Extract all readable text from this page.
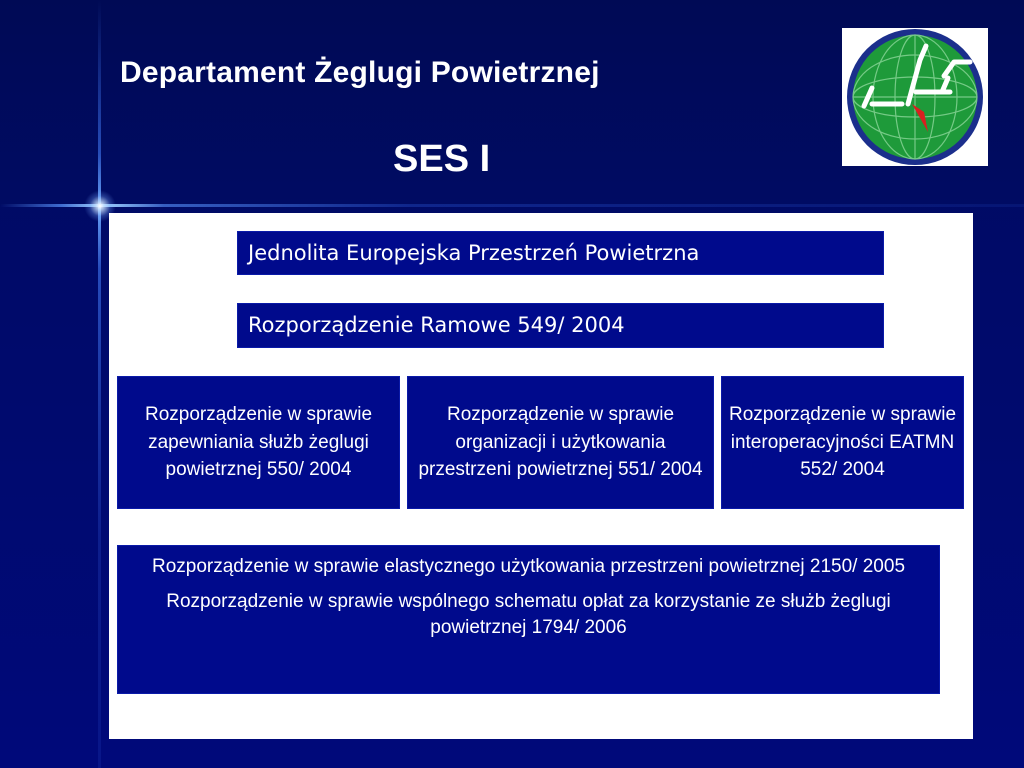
Departament Żeglugi Powietrznej
SES I
Jednolita Europejska Przestrzeń Powietrzna
Rozporządzenie Ramowe 549/ 2004
Rozporządzenie w sprawie zapewniania służb żeglugi powietrznej 550/ 2004
Rozporządzenie w sprawie organizacji i użytkowania przestrzeni powietrznej 551/ 2004
Rozporządzenie w sprawie interoperacyjności EATMN 552/ 2004

Rozporządzenie w sprawie elastycznego użytkowania przestrzeni powietrznej 2150/ 2005

Rozporządzenie w sprawie wspólnego schematu opłat za korzystanie ze służb żeglugi powietrznej 1794/ 2006
